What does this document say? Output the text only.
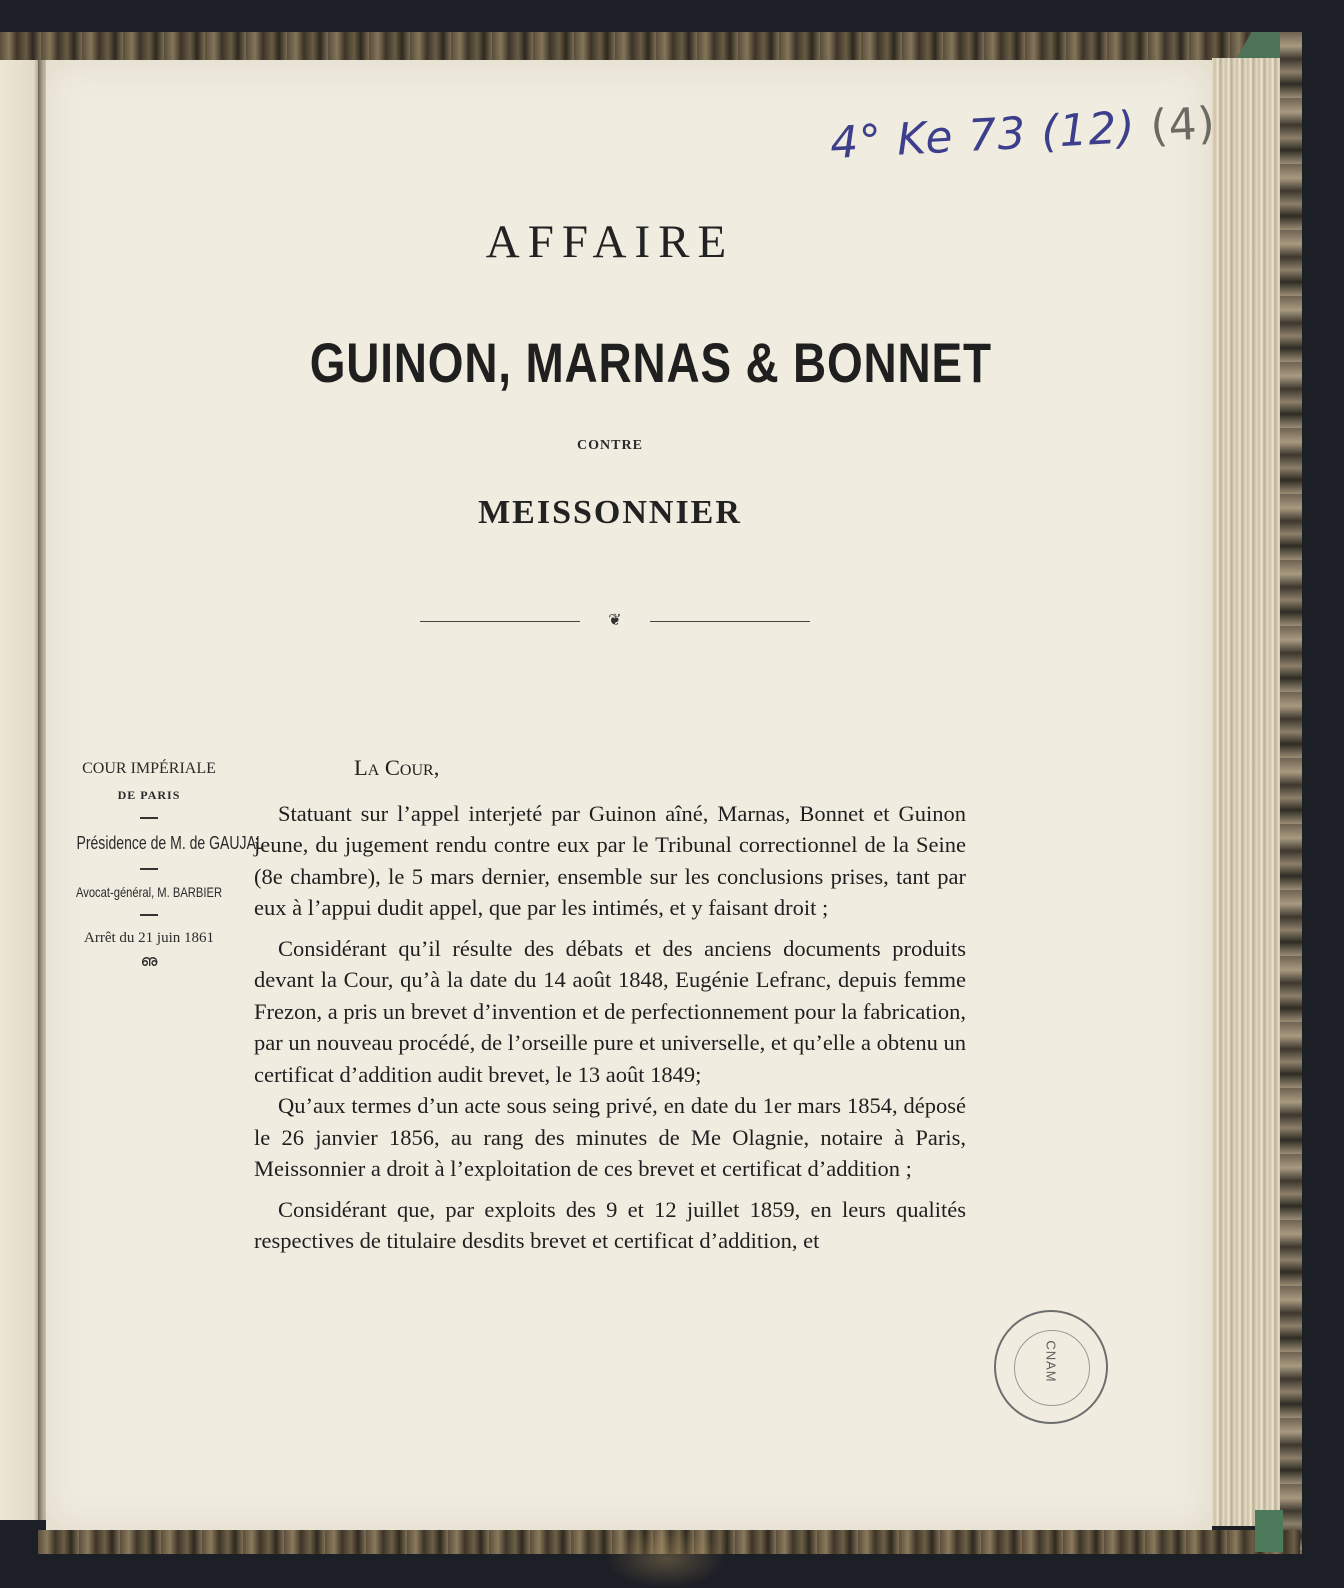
4° Ke 73 (12) (4)
AFFAIRE
GUINON, MARNAS & BONNET
CONTRE
MEISSONNIER
❦
COUR IMPÉRIALE
DE PARIS
Présidence de M. de GAUJAL
Avocat-général, M. BARBIER
Arrêt du 21 juin 1861
ഌ

La Cour,

Statuant sur l’appel interjeté par Guinon aîné, Marnas, Bonnet et Guinon jeune, du jugement rendu contre eux par le Tribunal correctionnel de la Seine (8e chambre), le 5 mars dernier, ensemble sur les conclusions prises, tant par eux à l’appui dudit appel, que par les intimés, et y faisant droit ;

Considérant qu’il résulte des débats et des anciens documents produits devant la Cour, qu’à la date du 14 août 1848, Eugénie Lefranc, depuis femme Frezon, a pris un brevet d’invention et de perfectionnement pour la fabrication, par un nouveau procédé, de l’orseille pure et universelle, et qu’elle a obtenu un certificat d’addition audit brevet, le 13 août 1849;

Qu’aux termes d’un acte sous seing privé, en date du 1er mars 1854, déposé le 26 janvier 1856, au rang des minutes de Me Olagnie, notaire à Paris, Meissonnier a droit à l’exploitation de ces brevet et certificat d’addition ;

Considérant que, par exploits des 9 et 12 juillet 1859, en leurs qualités respectives de titulaire desdits brevet et certificat d’addition, et

CNAM
